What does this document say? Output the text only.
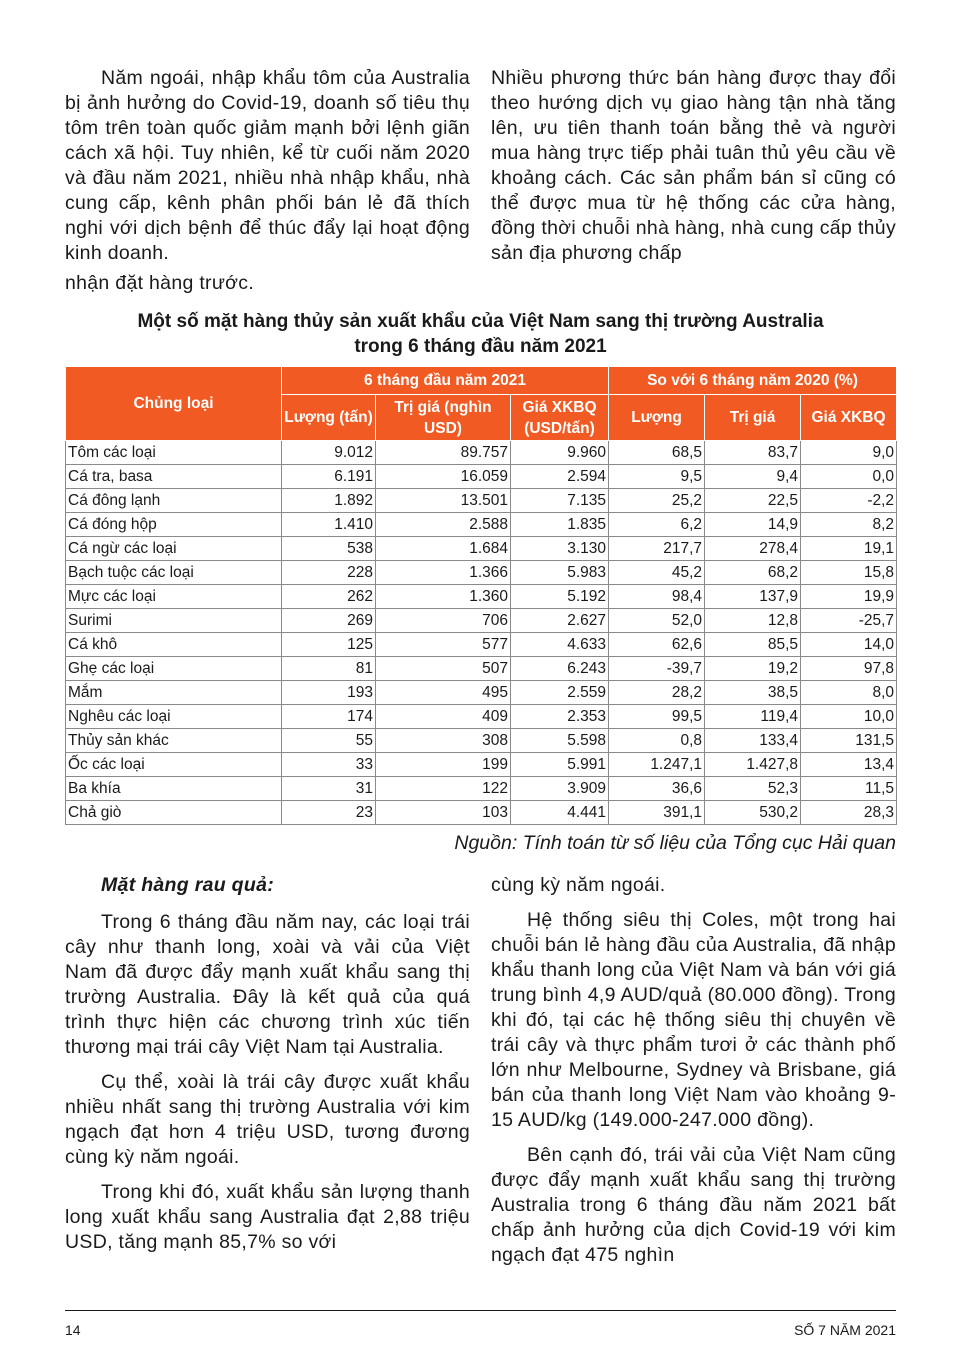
Năm ngoái, nhập khẩu tôm của Australia bị ảnh hưởng do Covid-19, doanh số tiêu thụ tôm trên toàn quốc giảm mạnh bởi lệnh giãn cách xã hội. Tuy nhiên, kể từ cuối năm 2020 và đầu năm 2021, nhiều nhà nhập khẩu, nhà cung cấp, kênh phân phối bán lẻ đã thích nghi với dịch bệnh để thúc đẩy lại hoạt động kinh doanh.

Nhiều phương thức bán hàng được thay đổi theo hướng dịch vụ giao hàng tận nhà tăng lên, ưu tiên thanh toán bằng thẻ và người mua hàng trực tiếp phải tuân thủ yêu cầu về khoảng cách. Các sản phẩm bán sỉ cũng có thể được mua từ hệ thống các cửa hàng, đồng thời chuỗi nhà hàng, nhà cung cấp thủy sản địa phương chấp

nhận đặt hàng trước.
Một số mặt hàng thủy sản xuất khẩu của Việt Nam sang thị trường Australia
trong 6 tháng đầu năm 2021
Chủng loại	6 tháng đầu năm 2021			So với 6 tháng năm 2020 (%)		
	Lượng (tấn)	Trị giá (nghìn USD)	Giá XKBQ (USD/tấn)	Lượng	Trị giá	Giá XKBQ
Tôm các loại	9.012	89.757	9.960	68,5	83,7	9,0
Cá tra, basa	6.191	16.059	2.594	9,5	9,4	0,0
Cá đông lạnh	1.892	13.501	7.135	25,2	22,5	-2,2
Cá đóng hộp	1.410	2.588	1.835	6,2	14,9	8,2
Cá ngừ các loại	538	1.684	3.130	217,7	278,4	19,1
Bạch tuộc các loại	228	1.366	5.983	45,2	68,2	15,8
Mực các loại	262	1.360	5.192	98,4	137,9	19,9
Surimi	269	706	2.627	52,0	12,8	-25,7
Cá khô	125	577	4.633	62,6	85,5	14,0
Ghẹ các loại	81	507	6.243	-39,7	19,2	97,8
Mắm	193	495	2.559	28,2	38,5	8,0
Nghêu các loại	174	409	2.353	99,5	119,4	10,0
Thủy sản khác	55	308	5.598	0,8	133,4	131,5
Ốc các loại	33	199	5.991	1.247,1	1.427,8	13,4
Ba khía	31	122	3.909	36,6	52,3	11,5
Chả giò	23	103	4.441	391,1	530,2	28,3
Nguồn: Tính toán từ số liệu của Tổng cục Hải quan

Mặt hàng rau quả:

Trong 6 tháng đầu năm nay, các loại trái cây như thanh long, xoài và vải của Việt Nam đã được đẩy mạnh xuất khẩu sang thị trường Australia. Đây là kết quả của quá trình thực hiện các chương trình xúc tiến thương mại trái cây Việt Nam tại Australia.

Cụ thể, xoài là trái cây được xuất khẩu nhiều nhất sang thị trường Australia với kim ngạch đạt hơn 4 triệu USD, tương đương cùng kỳ năm ngoái.

Trong khi đó, xuất khẩu sản lượng thanh long xuất khẩu sang Australia đạt 2,88 triệu USD, tăng mạnh 85,7% so với

cùng kỳ năm ngoái.

Hệ thống siêu thị Coles, một trong hai chuỗi bán lẻ hàng đầu của Australia, đã nhập khẩu thanh long của Việt Nam và bán với giá trung bình 4,9 AUD/quả (80.000 đồng). Trong khi đó, tại các hệ thống siêu thị chuyên về trái cây và thực phẩm tươi ở các thành phố lớn như Melbourne, Sydney và Brisbane, giá bán của thanh long Việt Nam vào khoảng 9-15 AUD/kg (149.000-247.000 đồng).

Bên cạnh đó, trái vải của Việt Nam cũng được đẩy mạnh xuất khẩu sang thị trường Australia trong 6 tháng đầu năm 2021 bất chấp ảnh hưởng của dịch Covid-19 với kim ngạch đạt 475 nghìn

14	SỐ 7 NĂM 2021
